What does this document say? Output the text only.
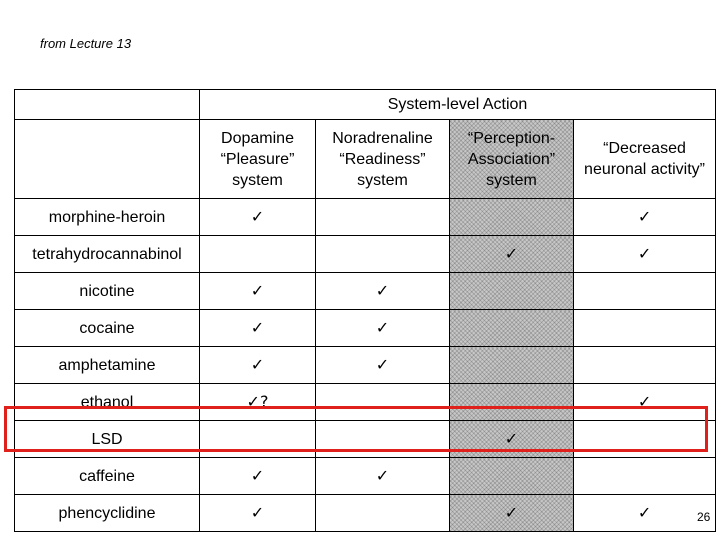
from Lecture 13
	System-level Action			
	Dopamine “Pleasure” system	Noradrenaline “Readiness” system	“Perception-Association” system	“Decreased neuronal activity”
morphine-heroin	✓			✓
tetrahydrocannabinol			✓	✓
nicotine	✓	✓		
cocaine	✓	✓		
amphetamine	✓	✓		
ethanol	✓?			✓
LSD			✓	
caffeine	✓	✓		
phencyclidine	✓		✓	✓	26
